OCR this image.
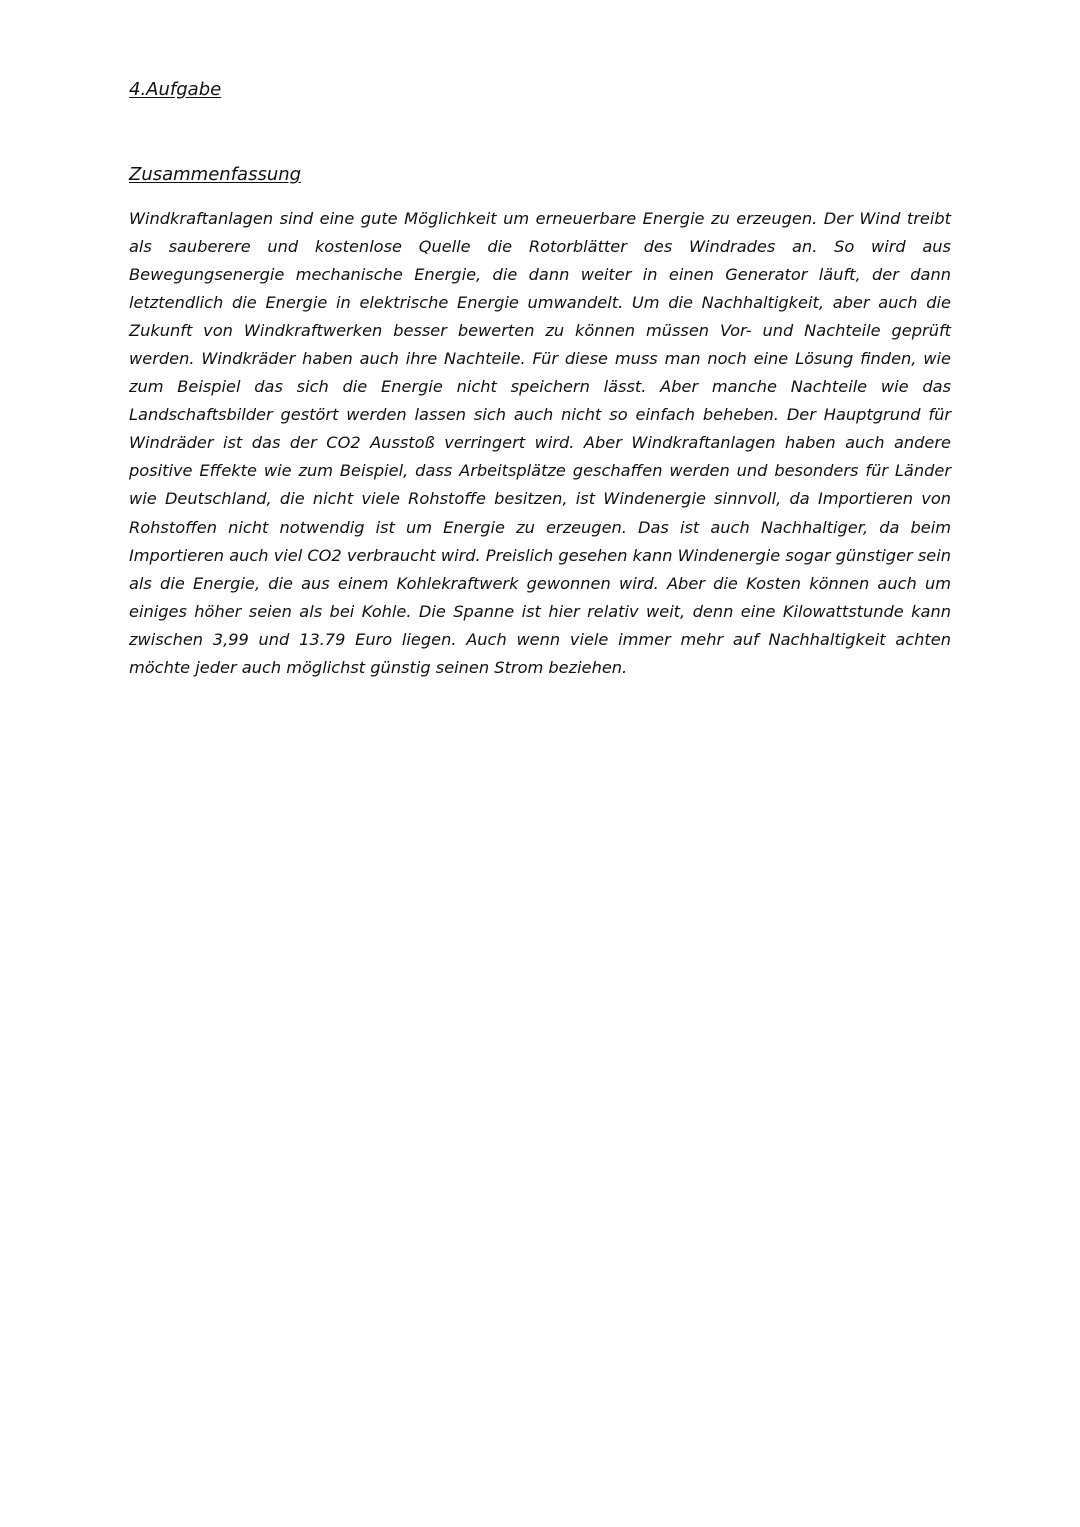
4.Aufgabe
Zusammenfassung

Windkraftanlagen sind eine gute Möglichkeit um erneuerbare Energie zu erzeugen. Der Wind treibt als sauberere und kostenlose Quelle die Rotorblätter des Windrades an. So wird aus Bewegungsenergie mechanische Energie, die dann weiter in einen Generator läuft, der dann letztendlich die Energie in elektrische Energie umwandelt. Um die Nachhaltigkeit, aber auch die Zukunft von Windkraftwerken besser bewerten zu können müssen Vor- und Nachteile geprüft werden. Windkräder haben auch ihre Nachteile. Für diese muss man noch eine Lösung finden, wie zum Beispiel das sich die Energie nicht speichern lässt. Aber manche Nachteile wie das Landschaftsbilder gestört werden lassen sich auch nicht so einfach beheben. Der Hauptgrund für Windräder ist das der CO2 Ausstoß verringert wird. Aber Windkraftanlagen haben auch andere positive Effekte wie zum Beispiel, dass Arbeitsplätze geschaffen werden und besonders für Länder wie Deutschland, die nicht viele Rohstoffe besitzen, ist Windenergie sinnvoll, da Importieren von Rohstoffen nicht notwendig ist um Energie zu erzeugen. Das ist auch Nachhaltiger, da beim Importieren auch viel CO2 verbraucht wird. Preislich gesehen kann Windenergie sogar günstiger sein als die Energie, die aus einem Kohlekraftwerk gewonnen wird. Aber die Kosten können auch um einiges höher seien als bei Kohle. Die Spanne ist hier relativ weit, denn eine Kilowattstunde kann zwischen 3,99 und 13.79 Euro liegen. Auch wenn viele immer mehr auf Nachhaltigkeit achten möchte jeder auch möglichst günstig seinen Strom beziehen.
